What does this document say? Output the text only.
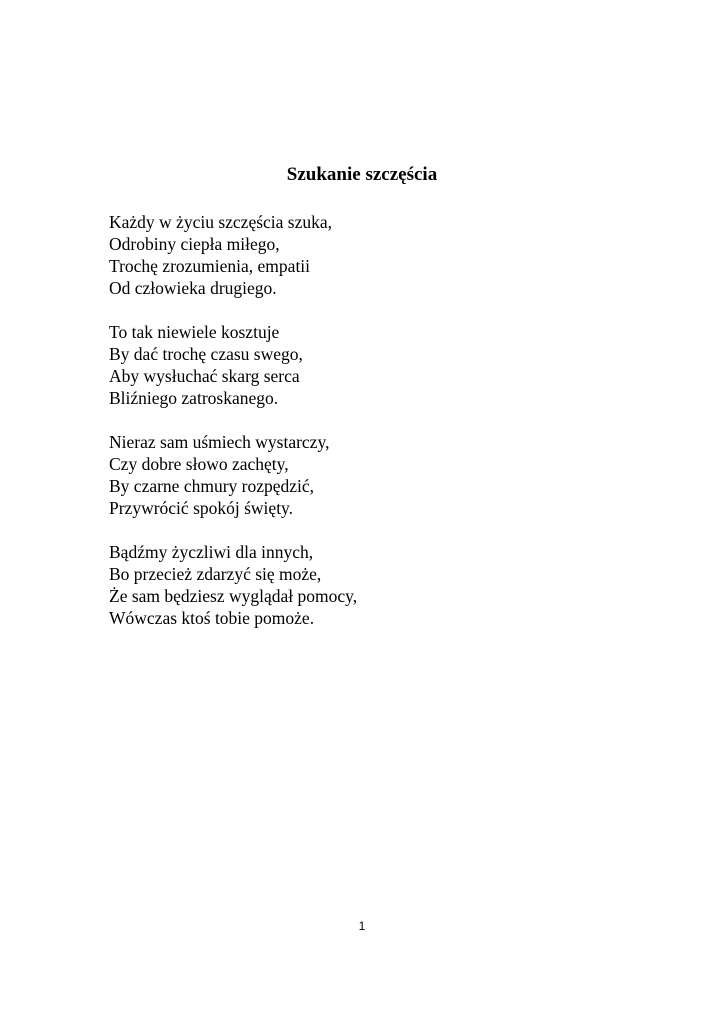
Szukanie szczęścia
Każdy w życiu szczęścia szuka,
Odrobiny ciepła miłego,
Trochę zrozumienia, empatii
Od człowieka drugiego.
To tak niewiele kosztuje
By dać trochę czasu swego,
Aby wysłuchać skarg serca
Bliźniego zatroskanego.
Nieraz sam uśmiech wystarczy,
Czy dobre słowo zachęty,
By czarne chmury rozpędzić,
Przywrócić spokój święty.
Bądźmy życzliwi dla innych,
Bo przecież zdarzyć się może,
Że sam będziesz wyglądał pomocy,
Wówczas ktoś tobie pomoże.
1
